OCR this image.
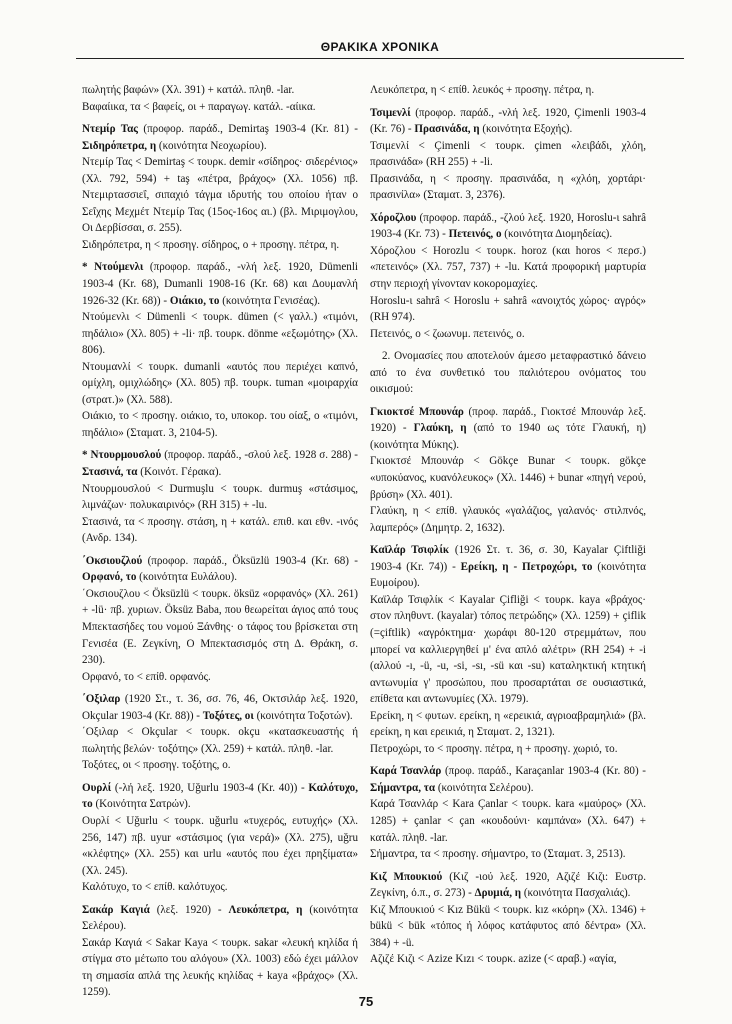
ΘΡΑΚΙΚΑ ΧΡΟΝΙΚΑ

πωλητής βαφών» (Χλ. 391) + κατάλ. πληθ. -lar.

Βαφαίικα, τα < βαφείς, οι + παραγωγ. κατάλ. -αίικα.

Ντεμίρ Τας (προφορ. παράδ., Demirtaş 1903-4 (Kr. 81) - Σιδηρόπετρα, η (κοινότητα Νεοχωρίου).

Ντεμίρ Τας < Demirtaş < τουρκ. demir «σίδηρος· σιδερένιος» (Χλ. 792, 594) + taş «πέτρα, βράχος» (Χλ. 1056) πβ. Ντεμιρτασσιεΐ, σιπαχιό τάγμα ιδρυτής του οποίου ήταν ο Σεΐχης Μεχμέτ Ντεμίρ Τας (15ος-16ος αι.) (βλ. Μιριμογλου, Οι Δερβίσσαι, σ. 255).

Σιδηρόπετρα, η < προσηγ. σίδηρος, ο + προσηγ. πέτρα, η.

* Ντούμενλι (προφορ. παράδ., -νλή λεξ. 1920, Dümenli 1903-4 (Kr. 68), Dumanli 1908-16 (Kr. 68) και Δουμανλή 1926-32 (Kr. 68)) - Οιάκιο, το (κοινότητα Γενισέας).

Ντούμενλι < Dümenli < τουρκ. dümen (< γαλλ.) «τιμόνι, πηδάλιο» (Χλ. 805) + -li· πβ. τουρκ. dönme «εξωμότης» (Χλ. 806).

Ντουμανλί < τουρκ. dumanli «αυτός που περιέχει καπνό, ομίχλη, ομιχλώδης» (Χλ. 805) πβ. τουρκ. tuman «μοιραρχία (στρατ.)» (Χλ. 588).

Οιάκιο, το < προσηγ. οιάκιο, το, υποκορ. του οίαξ, ο «τιμόνι, πηδάλιο» (Σταματ. 3, 2104-5).

* Ντουρμουσλού (προφορ. παράδ., -σλού λεξ. 1928 σ. 288) - Στασινά, τα (Κοινότ. Γέρακα).

Ντουρμουσλού < Durmuşlu < τουρκ. durmuş «στάσιμος, λιμνάζων· πολυκαιρινός» (RH 315) + -lu.

Στασινά, τα < προσηγ. στάση, η + κατάλ. επιθ. και εθν. -ινός (Ανδρ. 134).

΄Οκσιουζλού (προφορ. παράδ., Öksüzlü 1903-4 (Kr. 68) - Ορφανό, το (κοινότητα Ευλάλου).

΄Οκσιουζλου < Öksüzlü < τουρκ. öksüz «ορφανός» (Χλ. 261) + -lü· πβ. χυριων. Öksüz Baba, που θεωρείται άγιος από τους Μπεκτασήδες του νομού Ξάνθης· ο τάφος του βρίσκεται στη Γενισέα (Ε. Ζεγκίνη, Ο Μπεκτασισμός στη Δ. Θράκη, σ. 230).

Ορφανό, το < επίθ. ορφανός.

΄Οξιλαρ (1920 Στ., τ. 36, σσ. 76, 46, Οκτσιλάρ λεξ. 1920, Okçular 1903-4 (Kr. 88)) - Τοξότες, οι (κοινότητα Τοξοτών).

΄Οξιλαρ < Okçular < τουρκ. okçu «κατασκευαστής ή πωλητής βελών· τοξότης» (Χλ. 259) + κατάλ. πληθ. -lar.

Τοξότες, οι < προσηγ. τοξότης, ο.

Ουρλί (-λή λεξ. 1920, Uğurlu 1903-4 (Kr. 40)) - Καλότυχο, το (Κοινότητα Σατρών).

Ουρλί < Uğurlu < τουρκ. uğurlu «τυχερός, ευτυχής» (Χλ. 256, 147) πβ. uyur «στάσιμος (για νερά)» (Χλ. 275), uğru «κλέφτης» (Χλ. 255) και urlu «αυτός που έχει πρηξίματα» (Χλ. 245).

Καλότυχο, το < επίθ. καλότυχος.

Σακάρ Καγιά (λεξ. 1920) - Λευκόπετρα, η (κοινότητα Σελέρου).

Σακάρ Καγιά < Sakar Kaya < τουρκ. sakar «λευκή κηλίδα ή στίγμα στο μέτωπο του αλόγου» (Χλ. 1003) εδώ έχει μάλλον τη σημασία απλά της λευκής κηλίδας + kaya «βράχος» (Χλ. 1259).

Λευκόπετρα, η < επίθ. λευκός + προσηγ. πέτρα, η.

Τσιμενλί (προφορ. παράδ., -νλή λεξ. 1920, Çimenli 1903-4 (Kr. 76) - Πρασινάδα, η (κοινότητα Εξοχής).

Τσιμενλί < Çimenli < τουρκ. çimen «λειβάδι, χλόη, πρασινάδα» (RH 255) + -li.

Πρασινάδα, η < προσηγ. πρασινάδα, η «χλόη, χορτάρι· πρασινίλα» (Σταματ. 3, 2376).

Χόροζλου (προφορ. παράδ., -ζλού λεξ. 1920, Horoslu-ι sahrâ 1903-4 (Kr. 73) - Πετεινός, ο (κοινότητα Διομηδείας).

Χόροζλου < Horozlu < τουρκ. horoz (και horos < περσ.) «πετεινός» (Χλ. 757, 737) + -lu. Κατά προφορική μαρτυρία στην περιοχή γίνονταν κοκορομαχίες.

Horoslu-ι sahrâ < Horoslu + sahrâ «ανοιχτός χώρος· αγρός» (RH 974).

Πετεινός, ο < ζωωνυμ. πετεινός, ο.

2. Ονομασίες που αποτελούν άμεσο μεταφραστικό δάνειο από το ένα συνθετικό του παλιότερου ονόματος του οικισμού:

Γκιοκτσέ Μπουνάρ (προφ. παράδ., Γιοκτσέ Μπουνάρ λεξ. 1920) - Γλαύκη, η (από το 1940 ως τότε Γλαυκή, η) (κοινότητα Μύκης).

Γκιοκτσέ Μπουνάρ < Gökçe Bunar < τουρκ. gökçe «υποκύανος, κυανόλευκος» (Χλ. 1446) + bunar «πηγή νερού, βρύση» (Χλ. 401).

Γλαύκη, η < επίθ. γλαυκός «γαλάζιος, γαλανός· στιλπνός, λαμπερός» (Δημητρ. 2, 1632).

Καϊλάρ Τσιφλίκ (1926 Στ. τ. 36, σ. 30, Kayalar Çiftliği 1903-4 (Kr. 74)) - Ερείκη, η - Πετροχώρι, το (κοινότητα Ευμοίρου).

Καϊλάρ Τσιφλίκ < Kayalar Çifliği < τουρκ. kaya «βράχος· στον πληθυντ. (kayalar) τόπος πετρώδης» (Χλ. 1259) + çiflik (=çiftlik) «αγρόκτημα· χωράφι 80-120 στρεμμάτων, που μπορεί να καλλιεργηθεί μ' ένα απλό αλέτρι» (RH 254) + -i (αλλού -ı, -ü, -u, -si, -sı, -sü και -su) καταληκτική κτητική αντωνυμία γ' προσώπου, που προσαρτάται σε ουσιαστικά, επίθετα και αντωνυμίες (Χλ. 1979).

Ερείκη, η < φυτων. ερείκη, η «ερεικιά, αγριοαβραμηλιά» (βλ. ερείκη, η και ερεικιά, η Σταματ. 2, 1321).

Πετροχώρι, το < προσηγ. πέτρα, η + προσηγ. χωριό, το.

Καρά Τσανλάρ (προφ. παράδ., Karaçanlar 1903-4 (Kr. 80) - Σήμαντρα, τα (κοινότητα Σελέρου).

Καρά Τσανλάρ < Kara Çanlar < τουρκ. kara «μαύρος» (Χλ. 1285) + çanlar < çan «κουδούνι· καμπάνα» (Χλ. 647) + κατάλ. πληθ. -lar.

Σήμαντρα, τα < προσηγ. σήμαντρο, το (Σταματ. 3, 2513).

Κιζ Μπουκιού (Κιζ -ιού λεξ. 1920, Αζιζέ Κιζι: Ευστρ. Ζεγκίνη, ό.π., σ. 273) - Δρυμιά, η (κοινότητα Πασχαλιάς).

Κιζ Μπουκιού < Kız Bükü < τουρκ. kız «κόρη» (Χλ. 1346) + bükü < bük «τόπος ή λόφος κατάφυτος από δέντρα» (Χλ. 384) + -ü.

Αζιζέ Κιζι < Azize Kızı < τουρκ. azize (< αραβ.) «αγία,

75
